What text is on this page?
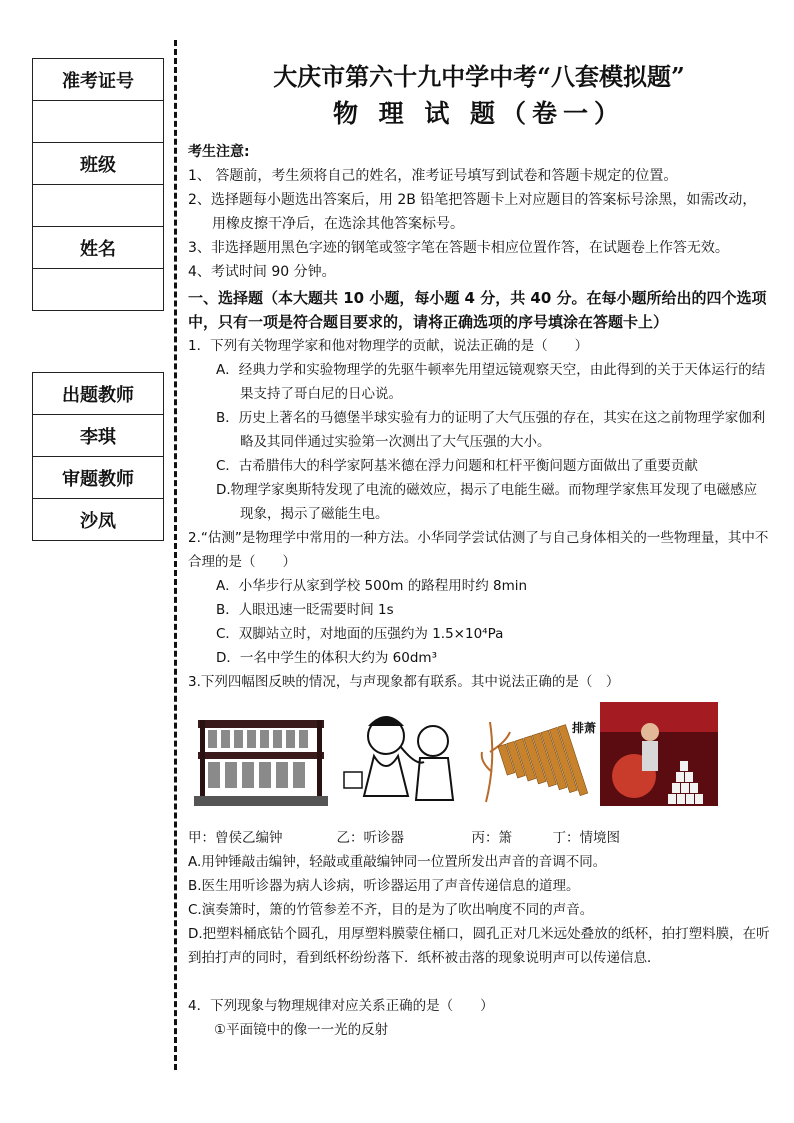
准考证号

班级

姓名

出题教师
李琪
审题教师
沙凤

大庆市第六十九中学中考“八套模拟题”

物 理 试 题（卷一）

考生注意:

1、 答题前，考生须将自己的姓名，准考证号填写到试卷和答题卡规定的位置。

2、选择题每小题选出答案后，用 2B 铅笔把答题卡上对应题目的答案标号涂黑，如需改动，用橡皮擦干净后，在选涂其他答案标号。

3、非选择题用黑色字迹的钢笔或签字笔在答题卡相应位置作答，在试题卷上作答无效。

4、考试时间 90 分钟。

一、选择题（本大题共 10 小题，每小题 4 分，共 40 分。在每小题所给出的四个选项中，只有一项是符合题目要求的，请将正确选项的序号填涂在答题卡上）

1．下列有关物理学家和他对物理学的贡献，说法正确的是（　　）

A．经典力学和实验物理学的先驱牛顿率先用望远镜观察天空，由此得到的关于天体运行的结果支持了哥白尼的日心说。

B．历史上著名的马德堡半球实验有力的证明了大气压强的存在，其实在这之前物理学家伽利略及其同伴通过实验第一次测出了大气压强的大小。

C．古希腊伟大的科学家阿基米德在浮力问题和杠杆平衡问题方面做出了重要贡献

D.物理学家奥斯特发现了电流的磁效应，揭示了电能生磁。而物理学家焦耳发现了电磁感应现象，揭示了磁能生电。

2.“估测”是物理学中常用的一种方法。小华同学尝试估测了与自己身体相关的一些物理量，其中不合理的是（　　）

A．小华步行从家到学校 500m 的路程用时约 8min

B．人眼迅速一眨需要时间 1s

C．双脚站立时，对地面的压强约为 1.5×10⁴Pa

D．一名中学生的体积大约为 60dm³

3.下列四幅图反映的情况，与声现象都有联系。其中说法正确的是（　）

排萧

甲：曾侯乙编钟　　　　乙：听诊器　　　　　丙：箫　　　丁：情境图

A.用钟锤敲击编钟，轻敲或重敲编钟同一位置所发出声音的音调不同。

B.医生用听诊器为病人诊病，听诊器运用了声音传递信息的道理。

C.演奏箫时，箫的竹管参差不齐，目的是为了吹出响度不同的声音。

D.把塑料桶底钻个圆孔，用厚塑料膜蒙住桶口，圆孔正对几米远处叠放的纸杯，拍打塑料膜，在听到拍打声的同时，看到纸杯纷纷落下．纸杯被击落的现象说明声可以传递信息．

4．下列现象与物理规律对应关系正确的是（　　）

①平面镜中的像一一光的反射
